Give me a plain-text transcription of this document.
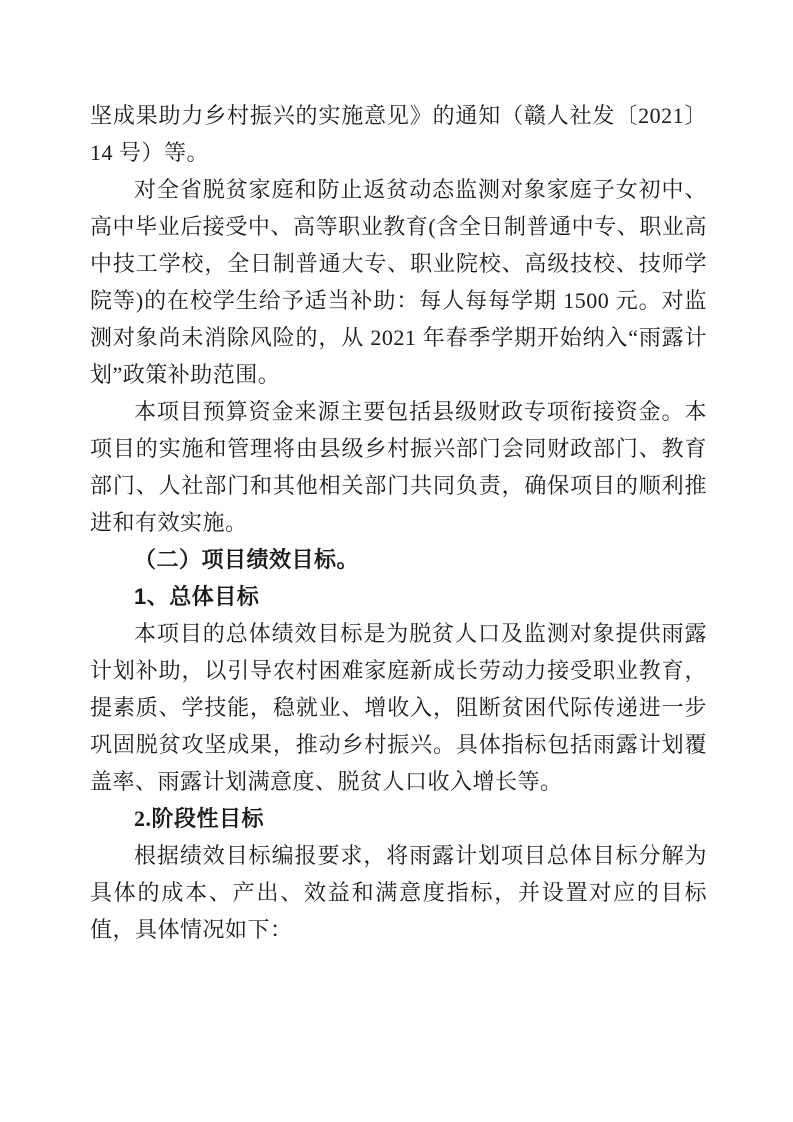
坚成果助力乡村振兴的实施意见》的通知（赣人社发〔2021〕14 号）等。

对全省脱贫家庭和防止返贫动态监测对象家庭子女初中、高中毕业后接受中、高等职业教育(含全日制普通中专、职业高中技工学校，全日制普通大专、职业院校、高级技校、技师学院等)的在校学生给予适当补助：每人每每学期 1500 元。对监测对象尚未消除风险的，从 2021 年春季学期开始纳入“雨露计划”政策补助范围。

本项目预算资金来源主要包括县级财政专项衔接资金。本项目的实施和管理将由县级乡村振兴部门会同财政部门、教育部门、人社部门和其他相关部门共同负责，确保项目的顺利推进和有效实施。

（二）项目绩效目标。
1、总体目标

本项目的总体绩效目标是为脱贫人口及监测对象提供雨露计划补助，以引导农村困难家庭新成长劳动力接受职业教育，提素质、学技能，稳就业、增收入，阻断贫困代际传递进一步巩固脱贫攻坚成果，推动乡村振兴。具体指标包括雨露计划覆盖率、雨露计划满意度、脱贫人口收入增长等。

2.阶段性目标

根据绩效目标编报要求，将雨露计划项目总体目标分解为具体的成本、产出、效益和满意度指标，并设置对应的目标值，具体情况如下：
